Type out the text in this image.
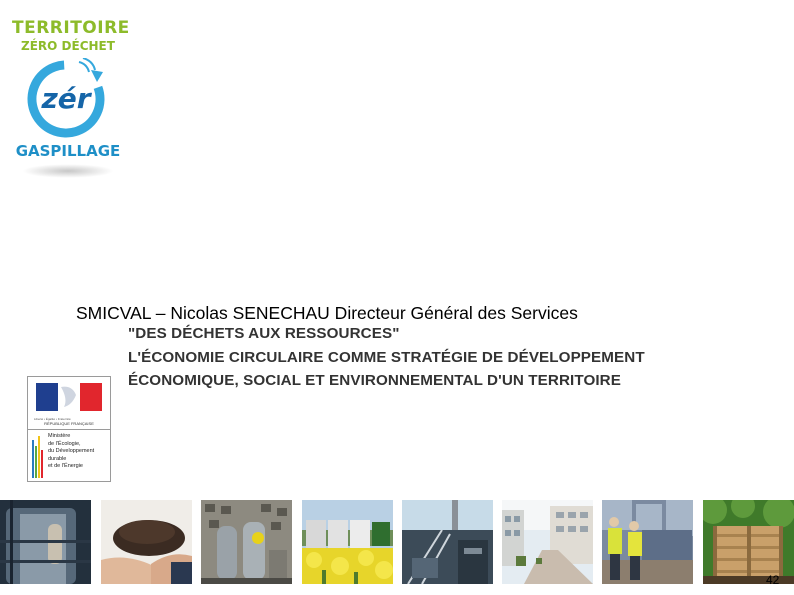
TERRITOIRE
ZÉRO DÉCHET
zér
GASPILLAGE
SMICVAL – Nicolas SENECHAU Directeur Général des Services
"DES DÉCHETS AUX RESSOURCES"
L'ÉCONOMIE CIRCULAIRE COMME STRATÉGIE DE DÉVELOPPEMENT
ÉCONOMIQUE, SOCIAL ET ENVIRONNEMENTAL D'UN TERRITOIRE
Liberté • Égalité • Fraternité
RÉPUBLIQUE FRANÇAISE
Ministère
de l'Écologie,
du Développement
durable
et de l'Énergie
42
